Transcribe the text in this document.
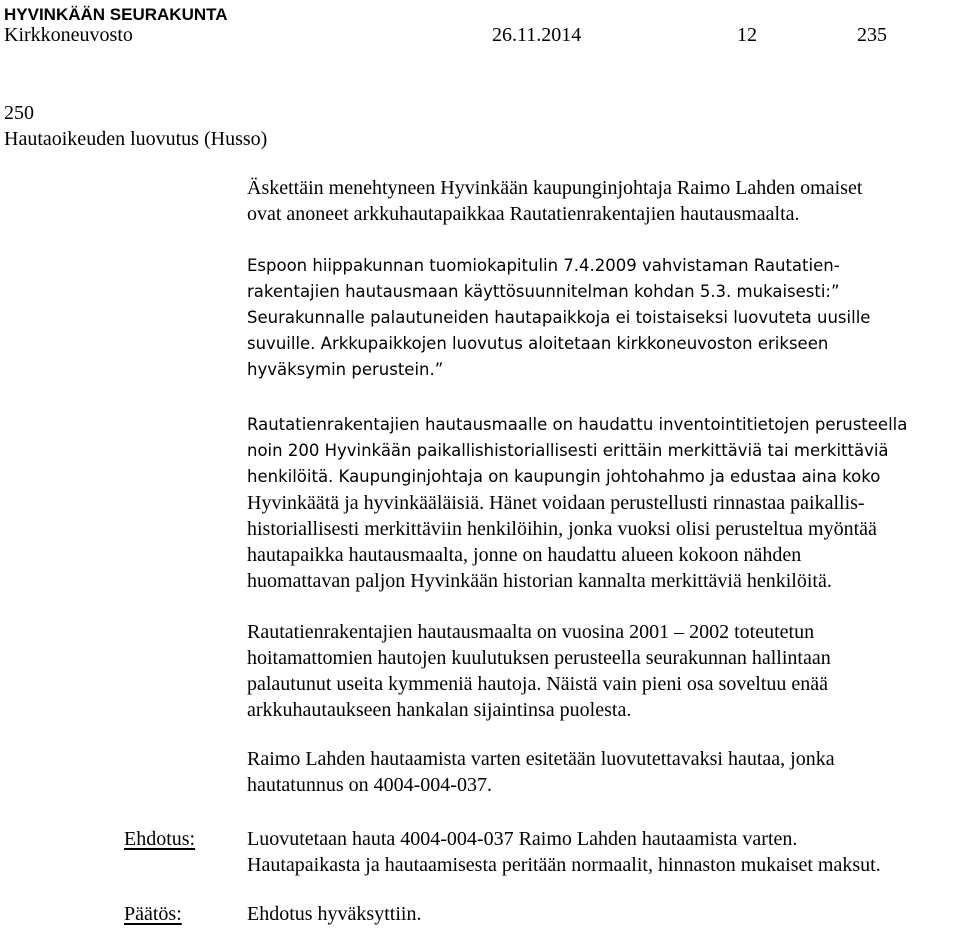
HYVINKÄÄN SEURAKUNTA
Kirkkoneuvosto	26.11.2014	12	235
250
Hautaoikeuden luovutus (Husso)
Äskettäin menehtyneen Hyvinkään kaupunginjohtaja Raimo Lahden omaiset
ovat anoneet arkkuhautapaikkaa Rautatienrakentajien hautausmaalta.
Espoon hiippakunnan tuomiokapitulin 7.4.2009 vahvistaman Rautatien-
rakentajien hautausmaan käyttösuunnitelman kohdan 5.3. mukaisesti:”
Seurakunnalle palautuneiden hautapaikkoja ei toistaiseksi luovuteta uusille
suvuille. Arkkupaikkojen luovutus aloitetaan kirkkoneuvoston erikseen
hyväksymin perustein.”
Rautatienrakentajien hautausmaalle on haudattu inventointitietojen perusteella
noin 200 Hyvinkään paikallishistoriallisesti erittäin merkittäviä tai merkittäviä
henkilöitä. Kaupunginjohtaja on kaupungin johtohahmo ja edustaa aina koko
Hyvinkäätä ja hyvinkääläisiä. Hänet voidaan perustellusti rinnastaa paikallis-
historiallisesti merkittäviin henkilöihin, jonka vuoksi olisi perusteltua myöntää
hautapaikka hautausmaalta, jonne on haudattu alueen kokoon nähden
huomattavan paljon Hyvinkään historian kannalta merkittäviä henkilöitä.
Rautatienrakentajien hautausmaalta on vuosina 2001 – 2002 toteutetun
hoitamattomien hautojen kuulutuksen perusteella seurakunnan hallintaan
palautunut useita kymmeniä hautoja. Näistä vain pieni osa soveltuu enää
arkkuhautaukseen hankalan sijaintinsa puolesta.
Raimo Lahden hautaamista varten esitetään luovutettavaksi hautaa, jonka
hautatunnus on 4004-004-037.
Ehdotus:	Luovutetaan hauta 4004-004-037 Raimo Lahden hautaamista varten.
Hautapaikasta ja hautaamisesta peritään normaalit, hinnaston mukaiset maksut.
Päätös:	Ehdotus hyväksyttiin.
